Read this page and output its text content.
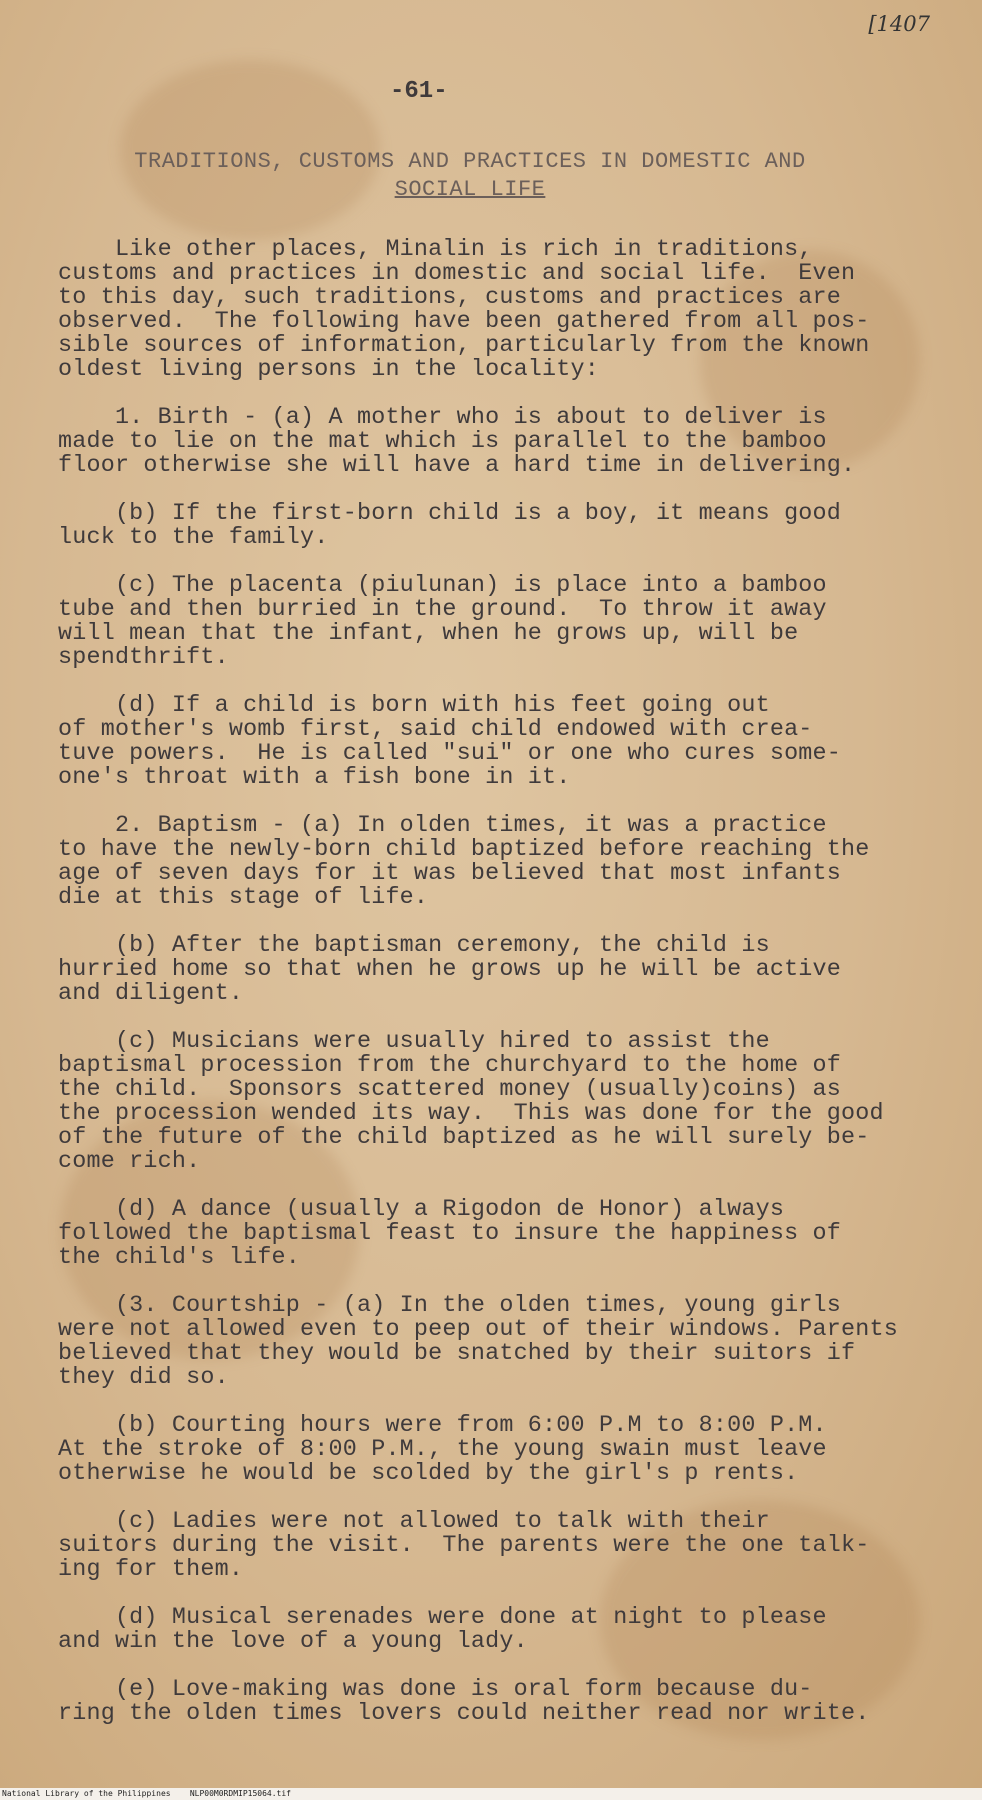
[1407
-61-
TRADITIONS, CUSTOMS AND PRACTICES IN DOMESTIC AND
SOCIAL LIFE

Like other places, Minalin is rich in traditions,
customs and practices in domestic and social life.  Even
to this day, such traditions, customs and practices are
observed.  The following have been gathered from all pos-
sible sources of information, particularly from the known
oldest living persons in the locality:

1. Birth - (a) A mother who is about to deliver is
made to lie on the mat which is parallel to the bamboo
floor otherwise she will have a hard time in delivering.

(b) If the first-born child is a boy, it means good
luck to the family.

(c) The placenta (piulunan) is place into a bamboo
tube and then burried in the ground.  To throw it away
will mean that the infant, when he grows up, will be
spendthrift.

(d) If a child is born with his feet going out
of mother's womb first, said child endowed with crea-
tuve powers.  He is called "sui" or one who cures some-
one's throat with a fish bone in it.

2. Baptism - (a) In olden times, it was a practice
to have the newly-born child baptized before reaching the
age of seven days for it was believed that most infants
die at this stage of life.

(b) After the baptisman ceremony, the child is
hurried home so that when he grows up he will be active
and diligent.

(c) Musicians were usually hired to assist the
baptismal procession from the churchyard to the home of
the child.  Sponsors scattered money (usually)coins) as
the procession wended its way.  This was done for the good
of the future of the child baptized as he will surely be-
come rich.

(d) A dance (usually a Rigodon de Honor) always
followed the baptismal feast to insure the happiness of
the child's life.

(3. Courtship - (a) In the olden times, young girls
were not allowed even to peep out of their windows. Parents
believed that they would be snatched by their suitors if
they did so.

(b) Courting hours were from 6:00 P.M to 8:00 P.M.
At the stroke of 8:00 P.M., the young swain must leave
otherwise he would be scolded by the girl's p rents.

(c) Ladies were not allowed to talk with their
suitors during the visit.  The parents were the one talk-
ing for them.

(d) Musical serenades were done at night to please
and win the love of a young lady.

(e) Love-making was done is oral form because du-
ring the olden times lovers could neither read nor write.

National Library of the Philippines    NLP00M0RDMIP15064.tif
